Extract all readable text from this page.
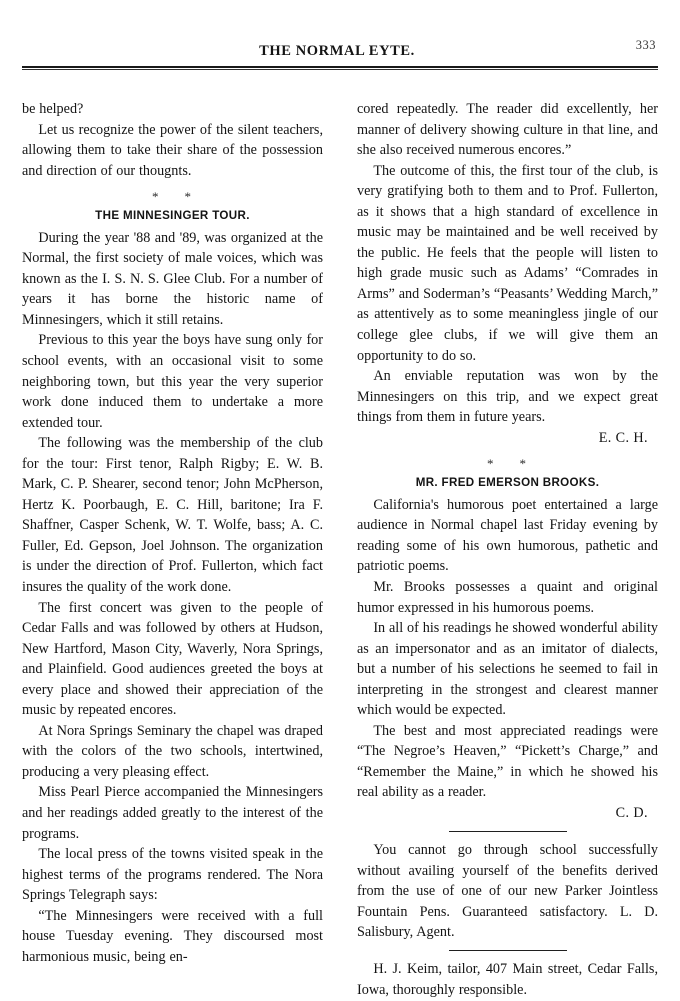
333
THE NORMAL EYTE.

be helped?

Let us recognize the power of the silent teachers, allowing them to take their share of the possession and direction of our thougnts.

* *
THE MINNESINGER TOUR.

During the year '88 and '89, was organized at the Normal, the first society of male voices, which was known as the I. S. N. S. Glee Club. For a number of years it has borne the historic name of Minnesingers, which it still retains.

Previous to this year the boys have sung only for school events, with an occasional visit to some neighboring town, but this year the very superior work done induced them to undertake a more extended tour.

The following was the membership of the club for the tour: First tenor, Ralph Rigby; E. W. B. Mark, C. P. Shearer, second tenor; John McPherson, Hertz K. Poorbaugh, E. C. Hill, baritone; Ira F. Shaffner, Casper Schenk, W. T. Wolfe, bass; A. C. Fuller, Ed. Gepson, Joel Johnson. The organization is under the direction of Prof. Fullerton, which fact insures the quality of the work done.

The first concert was given to the people of Cedar Falls and was followed by others at Hudson, New Hartford, Mason City, Waverly, Nora Springs, and Plainfield. Good audiences greeted the boys at every place and showed their appreciation of the music by repeated encores.

At Nora Springs Seminary the chapel was draped with the colors of the two schools, intertwined, producing a very pleasing effect.

Miss Pearl Pierce accompanied the Minnesingers and her readings added greatly to the interest of the programs.

The local press of the towns visited speak in the highest terms of the programs rendered. The Nora Springs Telegraph says:

“The Minnesingers were received with a full house Tuesday evening. They discoursed most harmonious music, being en-

cored repeatedly. The reader did excellently, her manner of delivery showing culture in that line, and she also received numerous encores.”

The outcome of this, the first tour of the club, is very gratifying both to them and to Prof. Fullerton, as it shows that a high standard of excellence in music may be maintained and be well received by the public. He feels that the people will listen to high grade music such as Adams’ “Comrades in Arms” and Soderman’s “Peasants’ Wedding March,” as attentively as to some meaningless jingle of our college glee clubs, if we will give them an opportunity to do so.

An enviable reputation was won by the Minnesingers on this trip, and we expect great things from them in future years.

E. C. H.
* *
MR. FRED EMERSON BROOKS.

California's humorous poet entertained a large audience in Normal chapel last Friday evening by reading some of his own humorous, pathetic and patriotic poems.

Mr. Brooks possesses a quaint and original humor expressed in his humorous poems.

In all of his readings he showed wonderful ability as an impersonator and as an imitator of dialects, but a number of his selections he seemed to fail in interpreting in the strongest and clearest manner which would be expected.

The best and most appreciated readings were “The Negroe’s Heaven,” “Pickett’s Charge,” and “Remember the Maine,” in which he showed his real ability as a reader.

C. D.

You cannot go through school successfully without availing yourself of the benefits derived from the use of one of our new Parker Jointless Fountain Pens. Guaranteed satisfactory. L. D. Salisbury, Agent.

H. J. Keim, tailor, 407 Main street, Cedar Falls, Iowa, thoroughly responsible.
